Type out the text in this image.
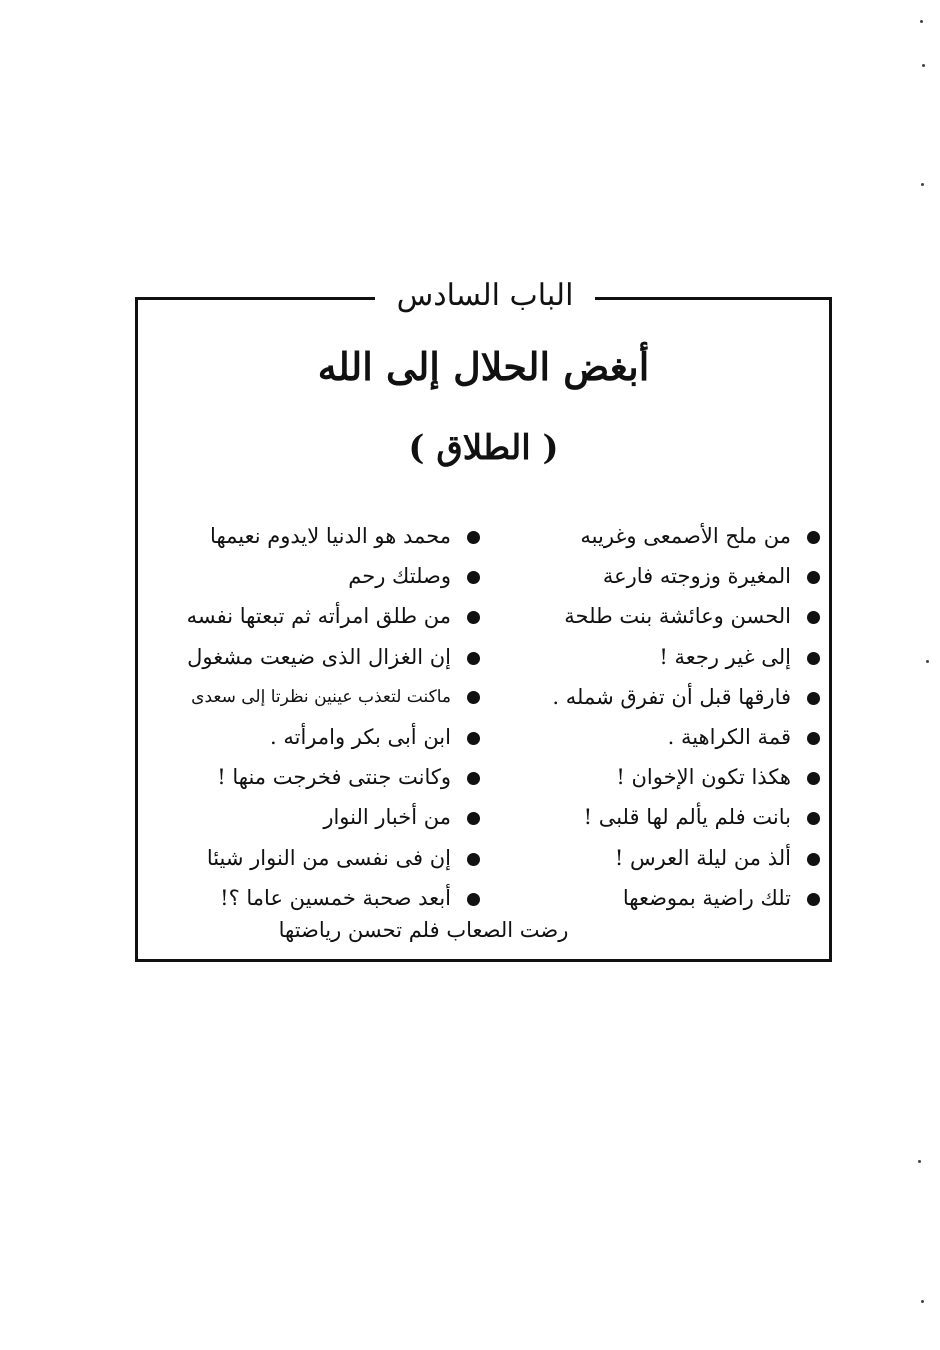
الباب السادس
أبغض الحلال إلى الله
( الطلاق )
من ملح الأصمعى وغريبه
المغيرة وزوجته فارعة
الحسن وعائشة بنت طلحة
إلى غير رجعة !
فارقها قبل أن تفرق شمله .
قمة الكراهية .
هكذا تكون الإخوان !
بانت فلم يألم لها قلبى !
ألذ من ليلة العرس !
تلك راضية بموضعها
محمد هو الدنيا لايدوم نعيمها
وصلتك رحم
من طلق امرأته ثم تبعتها نفسه
إن الغزال الذى ضيعت مشغول
ماكنت لتعذب عينين نظرتا إلى سعدى
ابن أبى بكر وامرأته .
وكانت جنتى فخرجت منها !
من أخبار النوار
إن فى نفسى من النوار شيئا
أبعد صحبة خمسين عاما ؟!
رضت الصعاب فلم تحسن رياضتها
